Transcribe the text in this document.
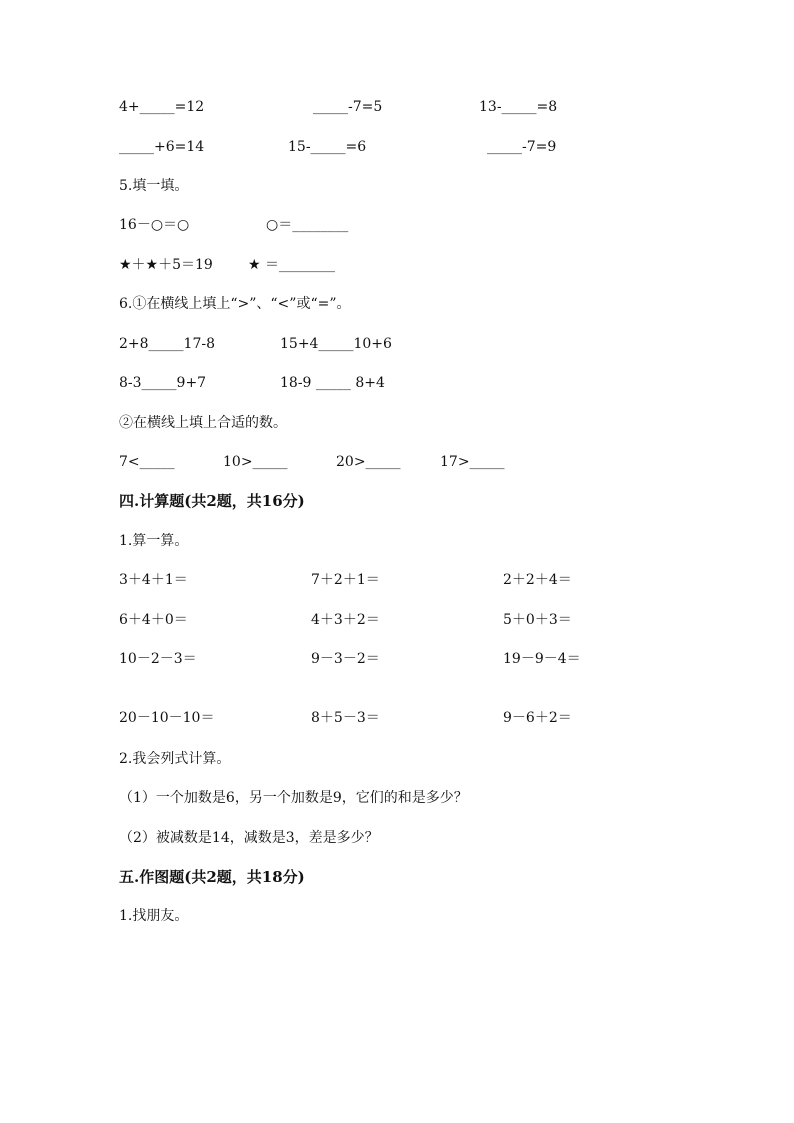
4+_____=12	_____-7=5	13-_____=8
_____+6=14	15-_____=6	_____-7=9
5.填一填。
16－○＝○	○＝________
★＋★＋5＝19	★ ＝________
6.①在横线上填上“>”、“<”或“=”。
2+8_____17-8	15+4_____10+6
8-3_____9+7	18-9 _____ 8+4
②在横线上填上合适的数。
7<_____	10>_____	20>_____	17>_____
四.计算题(共2题，共16分)
1.算一算。
3＋4＋1＝	7＋2＋1＝	2＋2＋4＝
6＋4＋0＝	4＋3＋2＝	5＋0＋3＝
10－2－3＝	9－3－2＝	19－9－4＝
20－10－10＝	8＋5－3＝	9－6＋2＝
2.我会列式计算。
（1）一个加数是6，另一个加数是9，它们的和是多少？
（2）被减数是14，减数是3，差是多少？
五.作图题(共2题，共18分)
1.找朋友。
